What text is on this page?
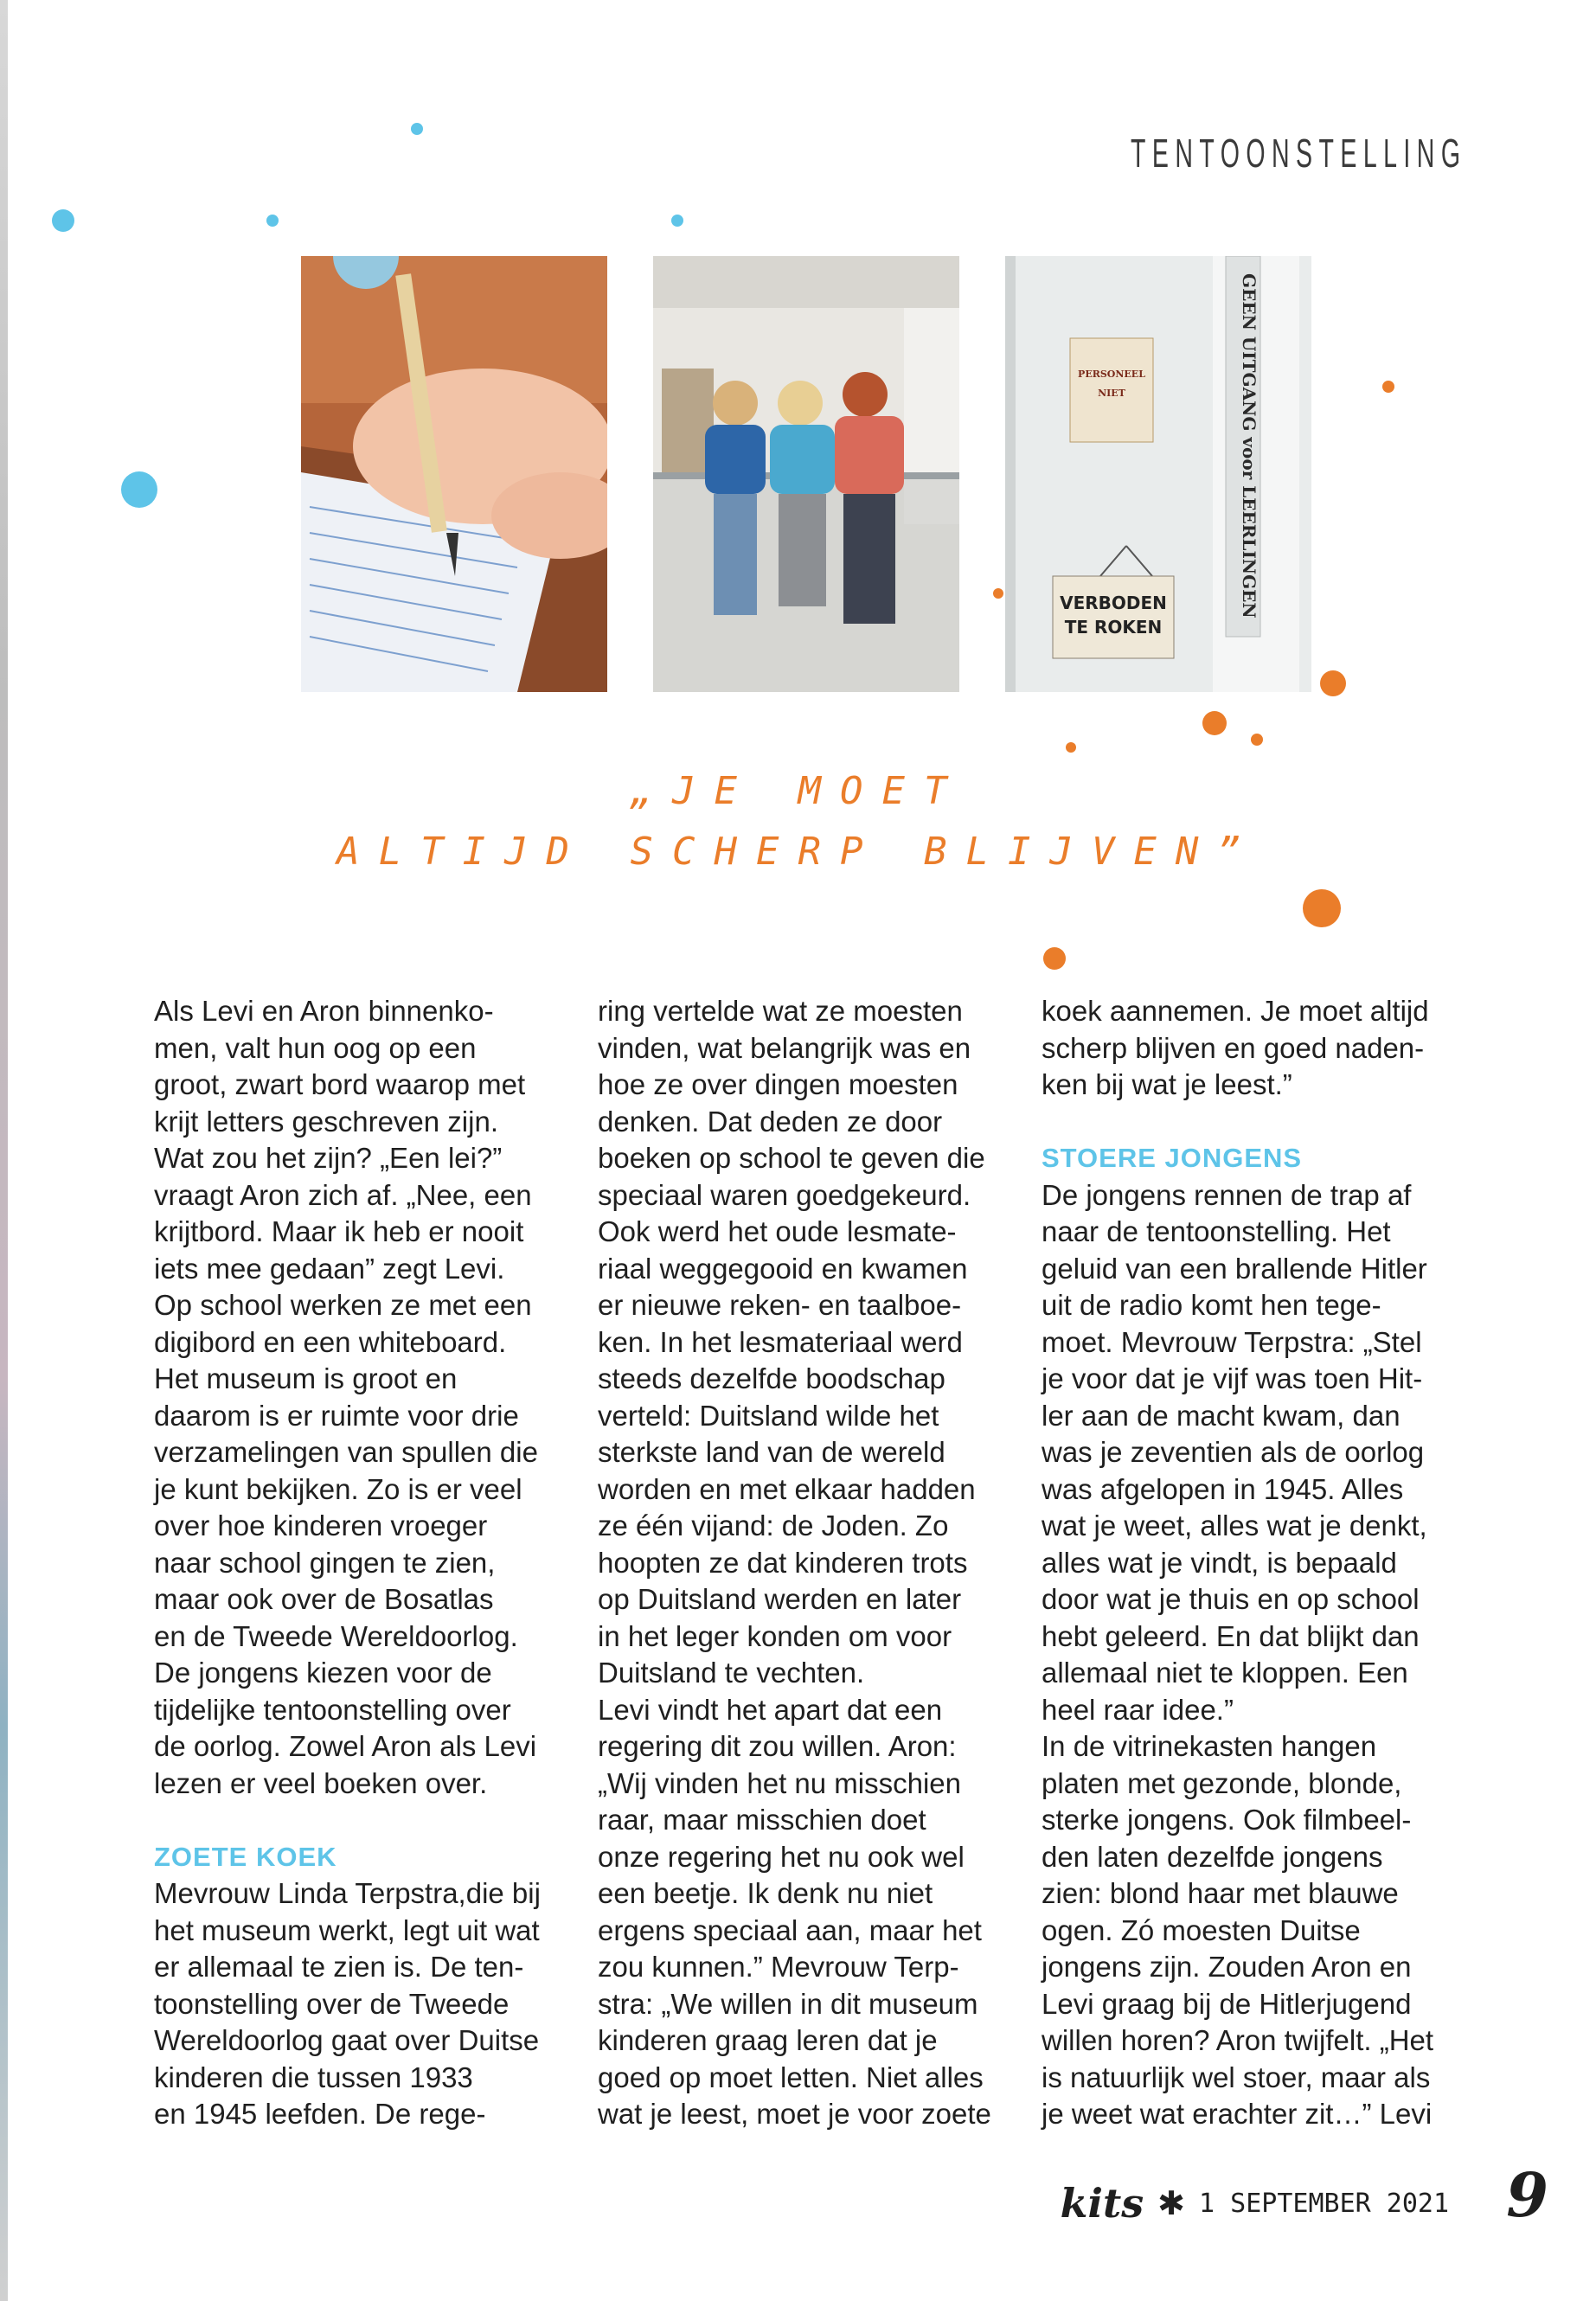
TENTOONSTELLING
GEEN UITGANG voor LEERLINGEN
PERSONEEL NIET
VERBODEN
TE ROKEN
„JE MOET
ALTIJD SCHERP BLIJVEN”
Als Levi en Aron binnenko-
men, valt hun oog op een
groot, zwart bord waarop met
krijt letters geschreven zijn.
Wat zou het zijn? „Een lei?”
vraagt Aron zich af. „Nee, een
krijtbord. Maar ik heb er nooit
iets mee gedaan” zegt Levi.
Op school werken ze met een
digibord en een whiteboard.
Het museum is groot en
daarom is er ruimte voor drie
verzamelingen van spullen die
je kunt bekijken. Zo is er veel
over hoe kinderen vroeger
naar school gingen te zien,
maar ook over de Bosatlas
en de Tweede Wereldoorlog.
De jongens kiezen voor de
tijdelijke tentoonstelling over
de oorlog. Zowel Aron als Levi
lezen er veel boeken over.
ZOETE KOEK
Mevrouw Linda Terpstra,die bij
het museum werkt, legt uit wat
er allemaal te zien is. De ten-
toonstelling over de Tweede
Wereldoorlog gaat over Duitse
kinderen die tussen 1933
en 1945 leefden. De rege-
ring vertelde wat ze moesten
vinden, wat belangrijk was en
hoe ze over dingen moesten
denken. Dat deden ze door
boeken op school te geven die
speciaal waren goedgekeurd.
Ook werd het oude lesmate-
riaal weggegooid en kwamen
er nieuwe reken- en taalboe-
ken. In het lesmateriaal werd
steeds dezelfde boodschap
verteld: Duitsland wilde het
sterkste land van de wereld
worden en met elkaar hadden
ze één vijand: de Joden. Zo
hoopten ze dat kinderen trots
op Duitsland werden en later
in het leger konden om voor
Duitsland te vechten.
Levi vindt het apart dat een
regering dit zou willen. Aron:
„Wij vinden het nu misschien
raar, maar misschien doet
onze regering het nu ook wel
een beetje. Ik denk nu niet
ergens speciaal aan, maar het
zou kunnen.” Mevrouw Terp-
stra: „We willen in dit museum
kinderen graag leren dat je
goed op moet letten. Niet alles
wat je leest, moet je voor zoete
koek aannemen. Je moet altijd
scherp blijven en goed naden-
ken bij wat je leest.”
STOERE JONGENS
De jongens rennen de trap af
naar de tentoonstelling. Het
geluid van een brallende Hitler
uit de radio komt hen tege-
moet. Mevrouw Terpstra: „Stel
je voor dat je vijf was toen Hit-
ler aan de macht kwam, dan
was je zeventien als de oorlog
was afgelopen in 1945. Alles
wat je weet, alles wat je denkt,
alles wat je vindt, is bepaald
door wat je thuis en op school
hebt geleerd. En dat blijkt dan
allemaal niet te kloppen. Een
heel raar idee.”
In de vitrinekasten hangen
platen met gezonde, blonde,
sterke jongens. Ook filmbeel-
den laten dezelfde jongens
zien: blond haar met blauwe
ogen. Zó moesten Duitse
jongens zijn. Zouden Aron en
Levi graag bij de Hitlerjugend
willen horen? Aron twijfelt. „Het
is natuurlijk wel stoer, maar als
je weet wat erachter zit…” Levi
kits ✱ 1 SEPTEMBER 2021 9
